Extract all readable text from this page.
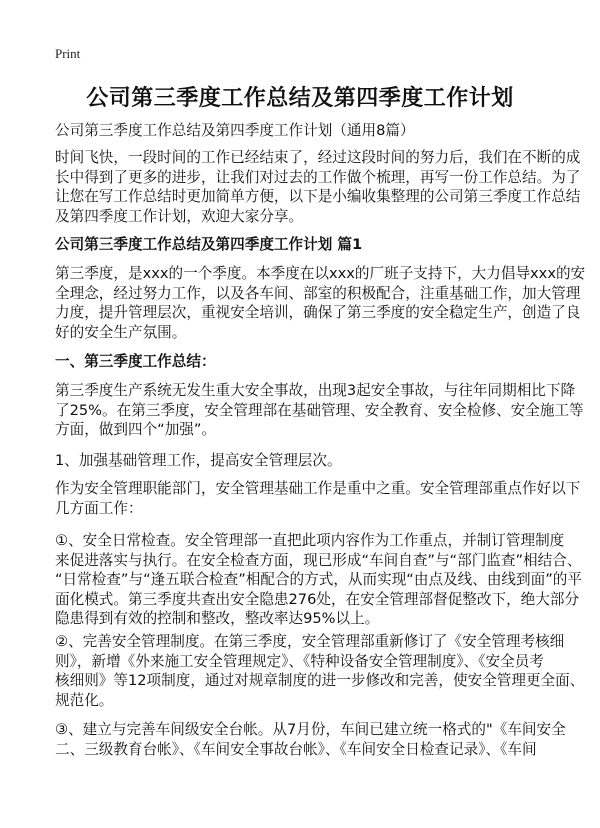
Print
公司第三季度工作总结及第四季度工作计划
公司第三季度工作总结及第四季度工作计划（通用8篇）
时间飞快，一段时间的工作已经结束了，经过这段时间的努力后，我们在不断的成
长中得到了更多的进步，让我们对过去的工作做个梳理，再写一份工作总结。为了
让您在写工作总结时更加简单方便，以下是小编收集整理的公司第三季度工作总结
及第四季度工作计划，欢迎大家分享。
公司第三季度工作总结及第四季度工作计划 篇1
第三季度，是xxx的一个季度。本季度在以xxx的厂班子支持下，大力倡导xxx的安
全理念，经过努力工作，以及各车间、部室的积极配合，注重基础工作，加大管理
力度，提升管理层次，重视安全培训，确保了第三季度的安全稳定生产，创造了良
好的安全生产氛围。
一、第三季度工作总结：
第三季度生产系统无发生重大安全事故，出现3起安全事故，与往年同期相比下降
了25%。在第三季度，安全管理部在基础管理、安全教育、安全检修、安全施工等
方面，做到四个“加强”。
1、加强基础管理工作，提高安全管理层次。
作为安全管理职能部门，安全管理基础工作是重中之重。安全管理部重点作好以下
几方面工作：
①、安全日常检查。安全管理部一直把此项内容作为工作重点，并制订管理制度
来促进落实与执行。在安全检查方面，现已形成“车间自查”与“部门监查”相结合、
“日常检查”与“逢五联合检查”相配合的方式，从而实现“由点及线、由线到面”的平
面化模式。第三季度共查出安全隐患276处，在安全管理部督促整改下，绝大部分
隐患得到有效的控制和整改，整改率达95%以上。
②、完善安全管理制度。在第三季度，安全管理部重新修订了《安全管理考核细
则》，新增《外来施工安全管理规定》、《特种设备安全管理制度》、《安全员考
核细则》等12项制度，通过对规章制度的进一步修改和完善，使安全管理更全面、
规范化。
③、建立与完善车间级安全台帐。从7月份，车间已建立统一格式的"《车间安全
二、三级教育台帐》、《车间安全事故台帐》、《车间安全日检查记录》、《车间
